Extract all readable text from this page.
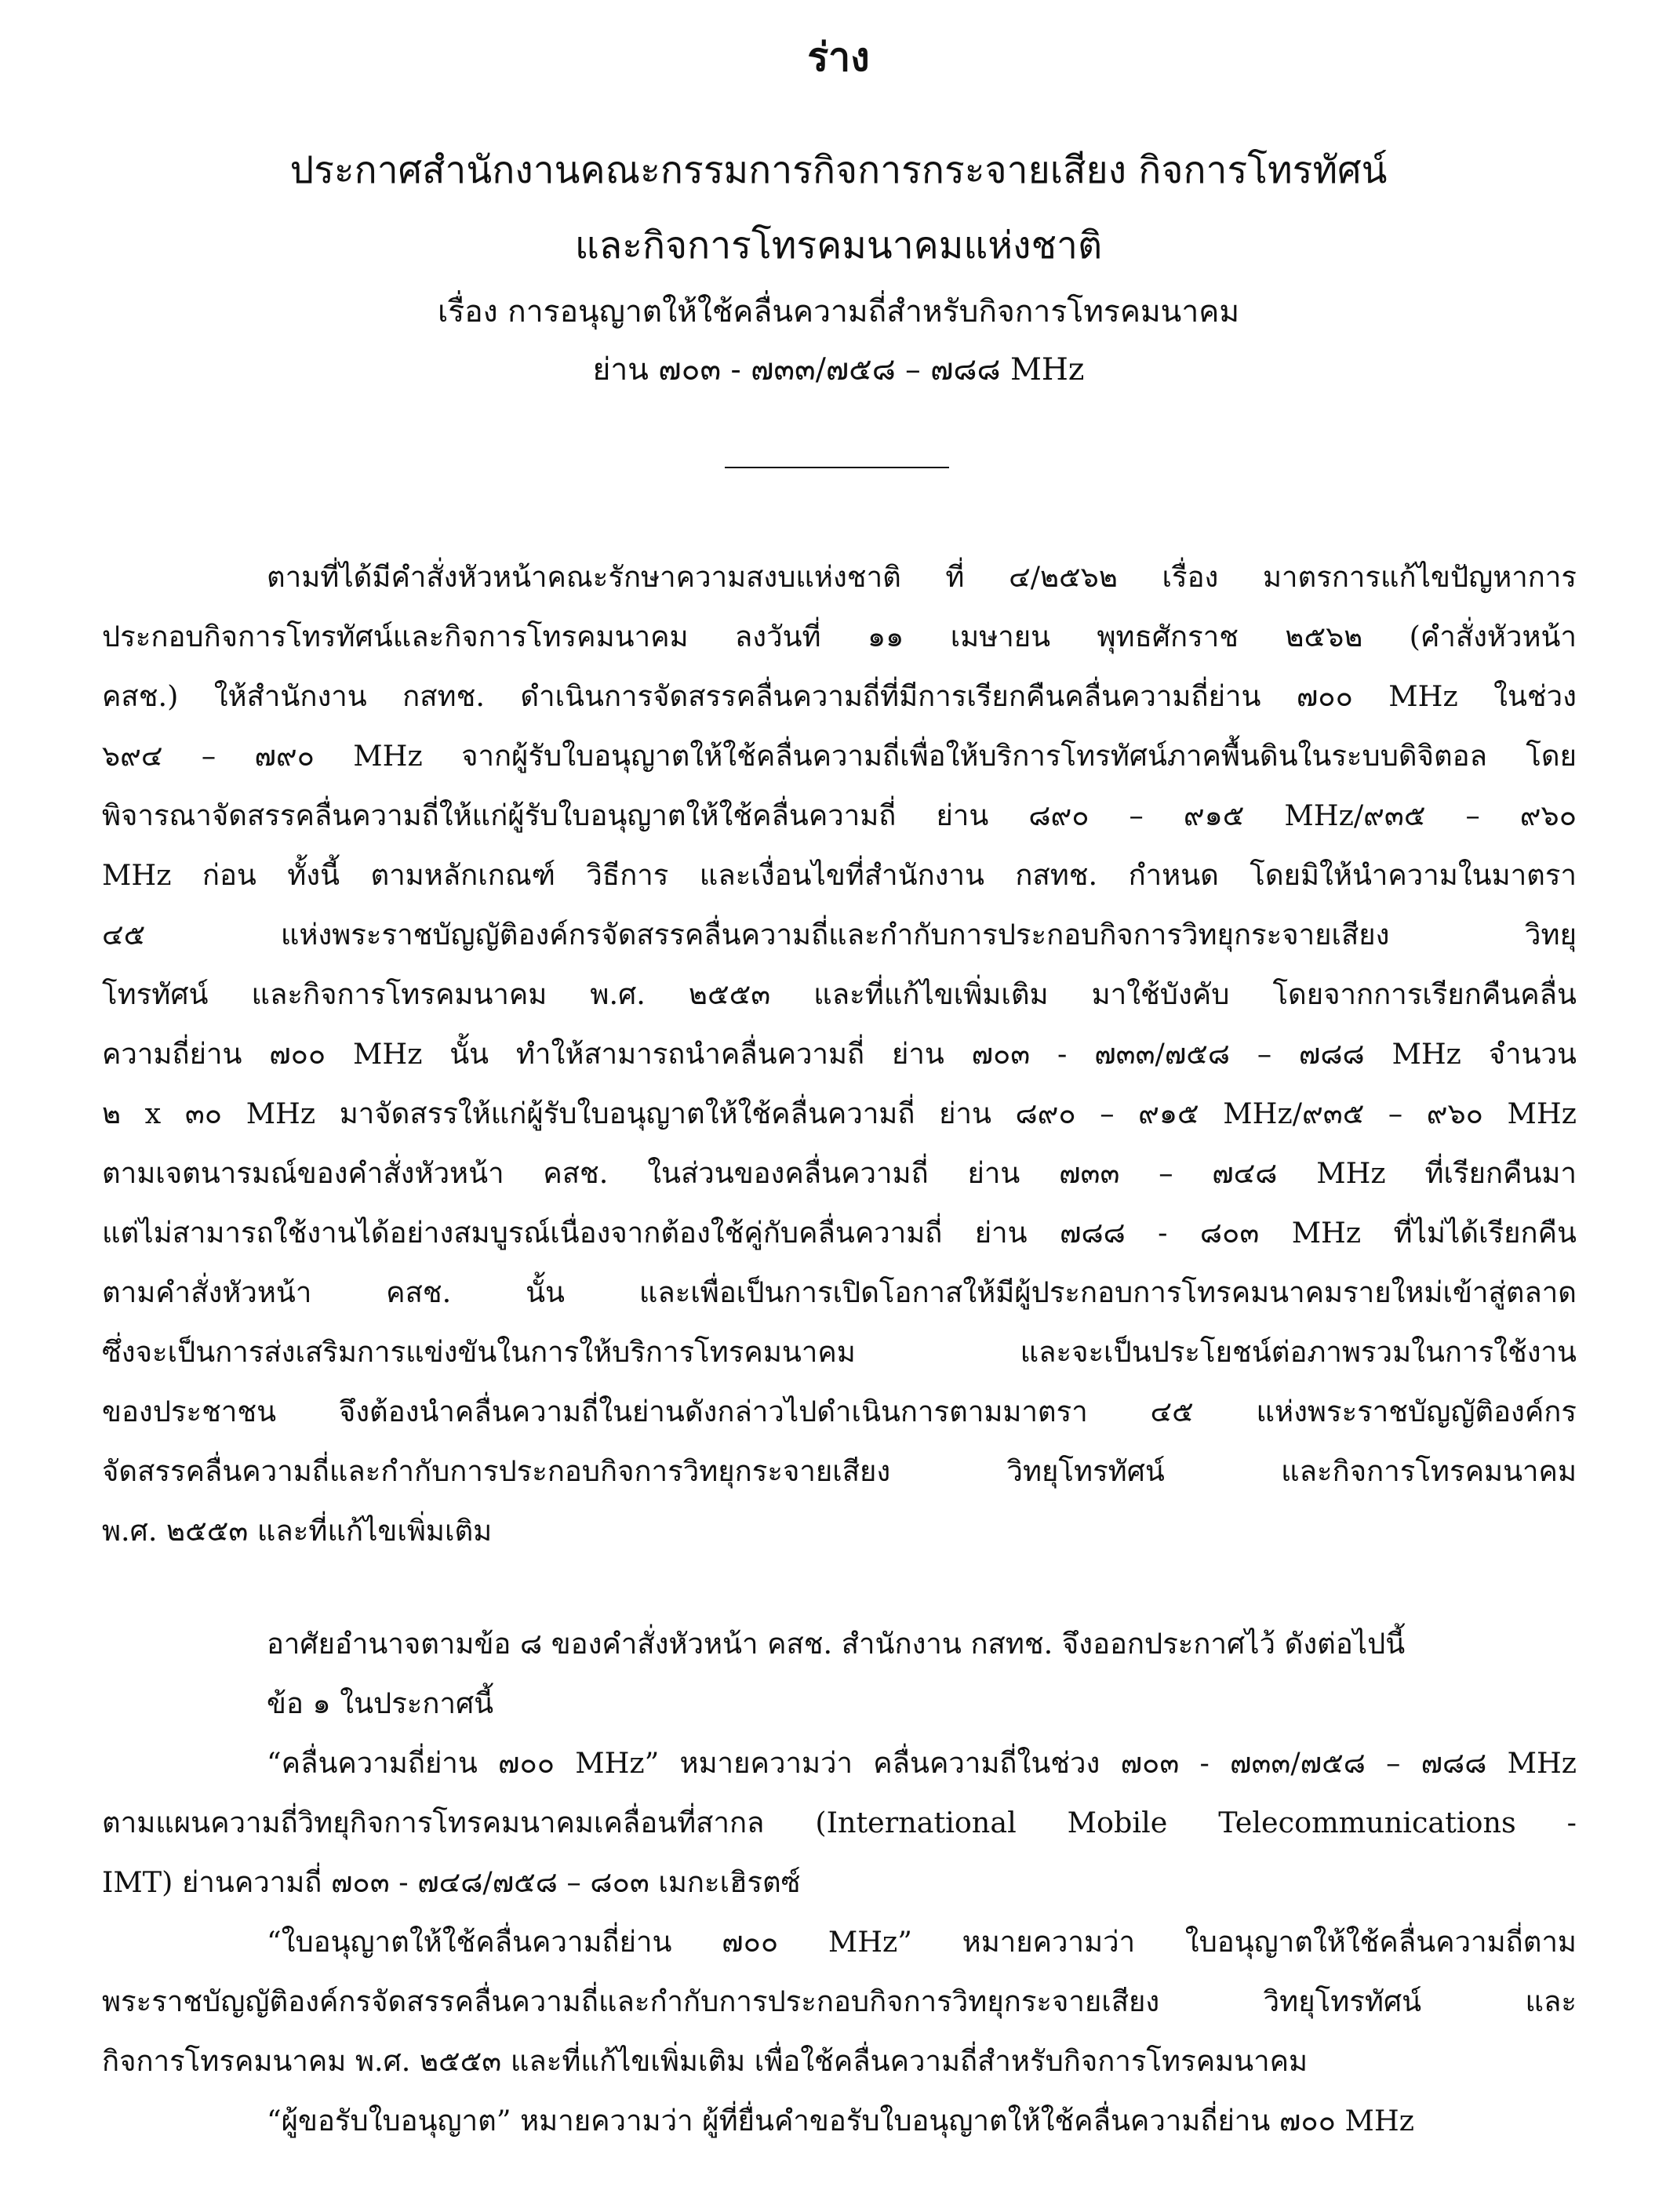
ร่าง

ประกาศสำนักงานคณะกรรมการกิจการกระจายเสียง กิจการโทรทัศน์

และกิจการโทรคมนาคมแห่งชาติ

เรื่อง การอนุญาตให้ใช้คลื่นความถี่สำหรับกิจการโทรคมนาคม

ย่าน ๗๐๓ - ๗๓๓/๗๕๘ – ๗๘๘ MHz

ตามที่ได้มีคำสั่งหัวหน้าคณะรักษาความสงบแห่งชาติ ที่ ๔/๒๕๖๒ เรื่อง มาตรการแก้ไขปัญหาการ
ประกอบกิจการโทรทัศน์และกิจการโทรคมนาคม ลงวันที่ ๑๑ เมษายน พุทธศักราช ๒๕๖๒ (คำสั่งหัวหน้า
คสช.) ให้สำนักงาน กสทช. ดำเนินการจัดสรรคลื่นความถี่ที่มีการเรียกคืนคลื่นความถี่ย่าน ๗๐๐ MHz ในช่วง
๖๙๔ – ๗๙๐ MHz จากผู้รับใบอนุญาตให้ใช้คลื่นความถี่เพื่อให้บริการโทรทัศน์ภาคพื้นดินในระบบดิจิตอล โดย
พิจารณาจัดสรรคลื่นความถี่ให้แก่ผู้รับใบอนุญาตให้ใช้คลื่นความถี่ ย่าน ๘๙๐ – ๙๑๕ MHz/๙๓๕ – ๙๖๐
MHz ก่อน ทั้งนี้ ตามหลักเกณฑ์ วิธีการ และเงื่อนไขที่สำนักงาน กสทช. กำหนด โดยมิให้นำความในมาตรา
๔๕ แห่งพระราชบัญญัติองค์กรจัดสรรคลื่นความถี่และกำกับการประกอบกิจการวิทยุกระจายเสียง วิทยุ
โทรทัศน์ และกิจการโทรคมนาคม พ.ศ. ๒๕๕๓ และที่แก้ไขเพิ่มเติม มาใช้บังคับ โดยจากการเรียกคืนคลื่น
ความถี่ย่าน ๗๐๐ MHz นั้น ทำให้สามารถนำคลื่นความถี่ ย่าน ๗๐๓ - ๗๓๓/๗๕๘ – ๗๘๘ MHz จำนวน
๒ x ๓๐ MHz มาจัดสรรให้แก่ผู้รับใบอนุญาตให้ใช้คลื่นความถี่ ย่าน ๘๙๐ – ๙๑๕ MHz/๙๓๕ – ๙๖๐ MHz
ตามเจตนารมณ์ของคำสั่งหัวหน้า คสช. ในส่วนของคลื่นความถี่ ย่าน ๗๓๓ – ๗๔๘ MHz ที่เรียกคืนมา
แต่ไม่สามารถใช้งานได้อย่างสมบูรณ์เนื่องจากต้องใช้คู่กับคลื่นความถี่ ย่าน ๗๘๘ - ๘๐๓ MHz ที่ไม่ได้เรียกคืน
ตามคำสั่งหัวหน้า คสช. นั้น และเพื่อเป็นการเปิดโอกาสให้มีผู้ประกอบการโทรคมนาคมรายใหม่เข้าสู่ตลาด
ซึ่งจะเป็นการส่งเสริมการแข่งขันในการให้บริการโทรคมนาคม และจะเป็นประโยชน์ต่อภาพรวมในการใช้งาน
ของประชาชน จึงต้องนำคลื่นความถี่ในย่านดังกล่าวไปดำเนินการตามมาตรา ๔๕ แห่งพระราชบัญญัติองค์กร
จัดสรรคลื่นความถี่และกำกับการประกอบกิจการวิทยุกระจายเสียง วิทยุโทรทัศน์ และกิจการโทรคมนาคม
พ.ศ. ๒๕๕๓ และที่แก้ไขเพิ่มเติม
อาศัยอำนาจตามข้อ ๘ ของคำสั่งหัวหน้า คสช. สำนักงาน กสทช. จึงออกประกาศไว้ ดังต่อไปนี้
ข้อ ๑ ในประกาศนี้
“คลื่นความถี่ย่าน ๗๐๐ MHz” หมายความว่า คลื่นความถี่ในช่วง ๗๐๓ - ๗๓๓/๗๕๘ – ๗๘๘ MHz
ตามแผนความถี่วิทยุกิจการโทรคมนาคมเคลื่อนที่สากล (International Mobile Telecommunications -
IMT) ย่านความถี่ ๗๐๓ - ๗๔๘/๗๕๘ – ๘๐๓ เมกะเฮิรตซ์
“ใบอนุญาตให้ใช้คลื่นความถี่ย่าน ๗๐๐ MHz” หมายความว่า ใบอนุญาตให้ใช้คลื่นความถี่ตาม
พระราชบัญญัติองค์กรจัดสรรคลื่นความถี่และกำกับการประกอบกิจการวิทยุกระจายเสียง วิทยุโทรทัศน์ และ
กิจการโทรคมนาคม พ.ศ. ๒๕๕๓ และที่แก้ไขเพิ่มเติม เพื่อใช้คลื่นความถี่สำหรับกิจการโทรคมนาคม
“ผู้ขอรับใบอนุญาต” หมายความว่า ผู้ที่ยื่นคำขอรับใบอนุญาตให้ใช้คลื่นความถี่ย่าน ๗๐๐ MHz
